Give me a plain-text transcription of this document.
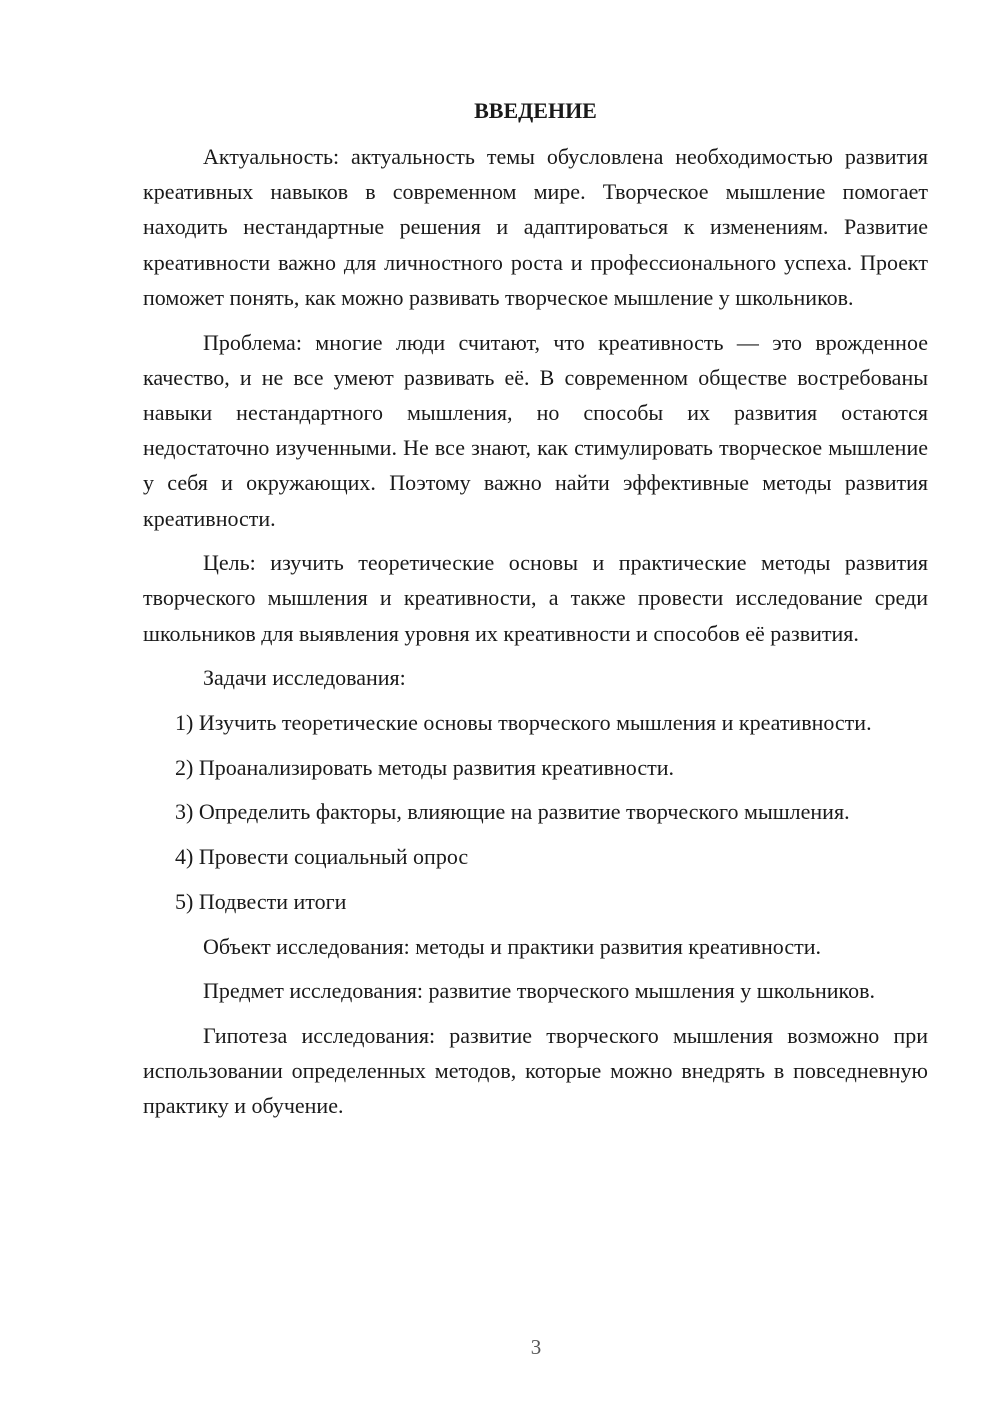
ВВЕДЕНИЕ

Актуальность: актуальность темы обусловлена необходимостью развития креативных навыков в современном мире. Творческое мышление помогает находить нестандартные решения и адаптироваться к изменениям. Развитие креативности важно для личностного роста и профессионального успеха. Проект поможет понять, как можно развивать творческое мышление у школьников.

Проблема: многие люди считают, что креативность — это врожденное качество, и не все умеют развивать её. В современном обществе востребованы навыки нестандартного мышления, но способы их развития остаются недостаточно изученными. Не все знают, как стимулировать творческое мышление у себя и окружающих. Поэтому важно найти эффективные методы развития креативности.

Цель: изучить теоретические основы и практические методы развития творческого мышления и креативности, а также провести исследование среди школьников для выявления уровня их креативности и способов её развития.

Задачи исследования:

1) Изучить теоретические основы творческого мышления и креативности.

2) Проанализировать методы развития креативности.

3) Определить факторы, влияющие на развитие творческого мышления.

4) Провести социальный опрос

5) Подвести итоги

Объект исследования: методы и практики развития креативности.

Предмет исследования: развитие творческого мышления у школьников.

Гипотеза исследования: развитие творческого мышления возможно при использовании определенных методов, которые можно внедрять в повседневную практику и обучение.

3
